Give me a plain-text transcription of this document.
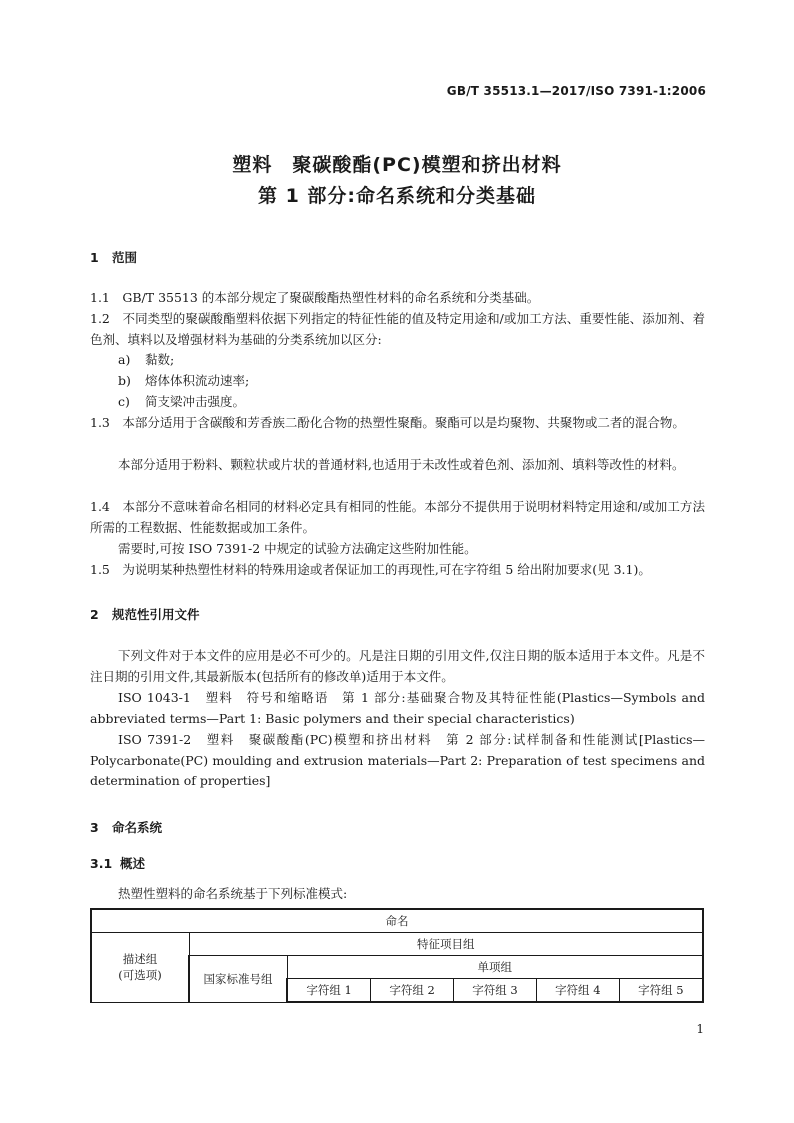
GB/T 35513.1—2017/ISO 7391-1:2006
塑料　聚碳酸酯(PC)模塑和挤出材料
第 1 部分:命名系统和分类基础
1 范围
1.1　GB/T 35513 的本部分规定了聚碳酸酯热塑性材料的命名系统和分类基础。
1.2　不同类型的聚碳酸酯塑料依据下列指定的特征性能的值及特定用途和/或加工方法、重要性能、添加剂、着色剂、填料以及增强材料为基础的分类系统加以区分:
a) 黏数;
b) 熔体体积流动速率;
c) 简支梁冲击强度。
1.3　本部分适用于含碳酸和芳香族二酚化合物的热塑性聚酯。聚酯可以是均聚物、共聚物或二者的混合物。
本部分适用于粉料、颗粒状或片状的普通材料,也适用于未改性或着色剂、添加剂、填料等改性的材料。
1.4　本部分不意味着命名相同的材料必定具有相同的性能。本部分不提供用于说明材料特定用途和/或加工方法所需的工程数据、性能数据或加工条件。
需要时,可按 ISO 7391-2 中规定的试验方法确定这些附加性能。
1.5　为说明某种热塑性材料的特殊用途或者保证加工的再现性,可在字符组 5 给出附加要求(见 3.1)。
2 规范性引用文件
下列文件对于本文件的应用是必不可少的。凡是注日期的引用文件,仅注日期的版本适用于本文件。凡是不注日期的引用文件,其最新版本(包括所有的修改单)适用于本文件。
ISO 1043-1　塑料　符号和缩略语　第 1 部分:基础聚合物及其特征性能(Plastics—Symbols and abbreviated terms—Part 1: Basic polymers and their special characteristics)
ISO 7391-2　塑料　聚碳酸酯(PC)模塑和挤出材料　第 2 部分:试样制备和性能测试[Plastics—Polycarbonate(PC) moulding and extrusion materials—Part 2: Preparation of test specimens and determination of properties]
3 命名系统
3.1 概述
热塑性塑料的命名系统基于下列标准模式:
命名						

描述组
(可选项)	特征项目组					
	国家标准号组	单项组				
		字符组 1	字符组 2	字符组 3	字符组 4	字符组 5
1
